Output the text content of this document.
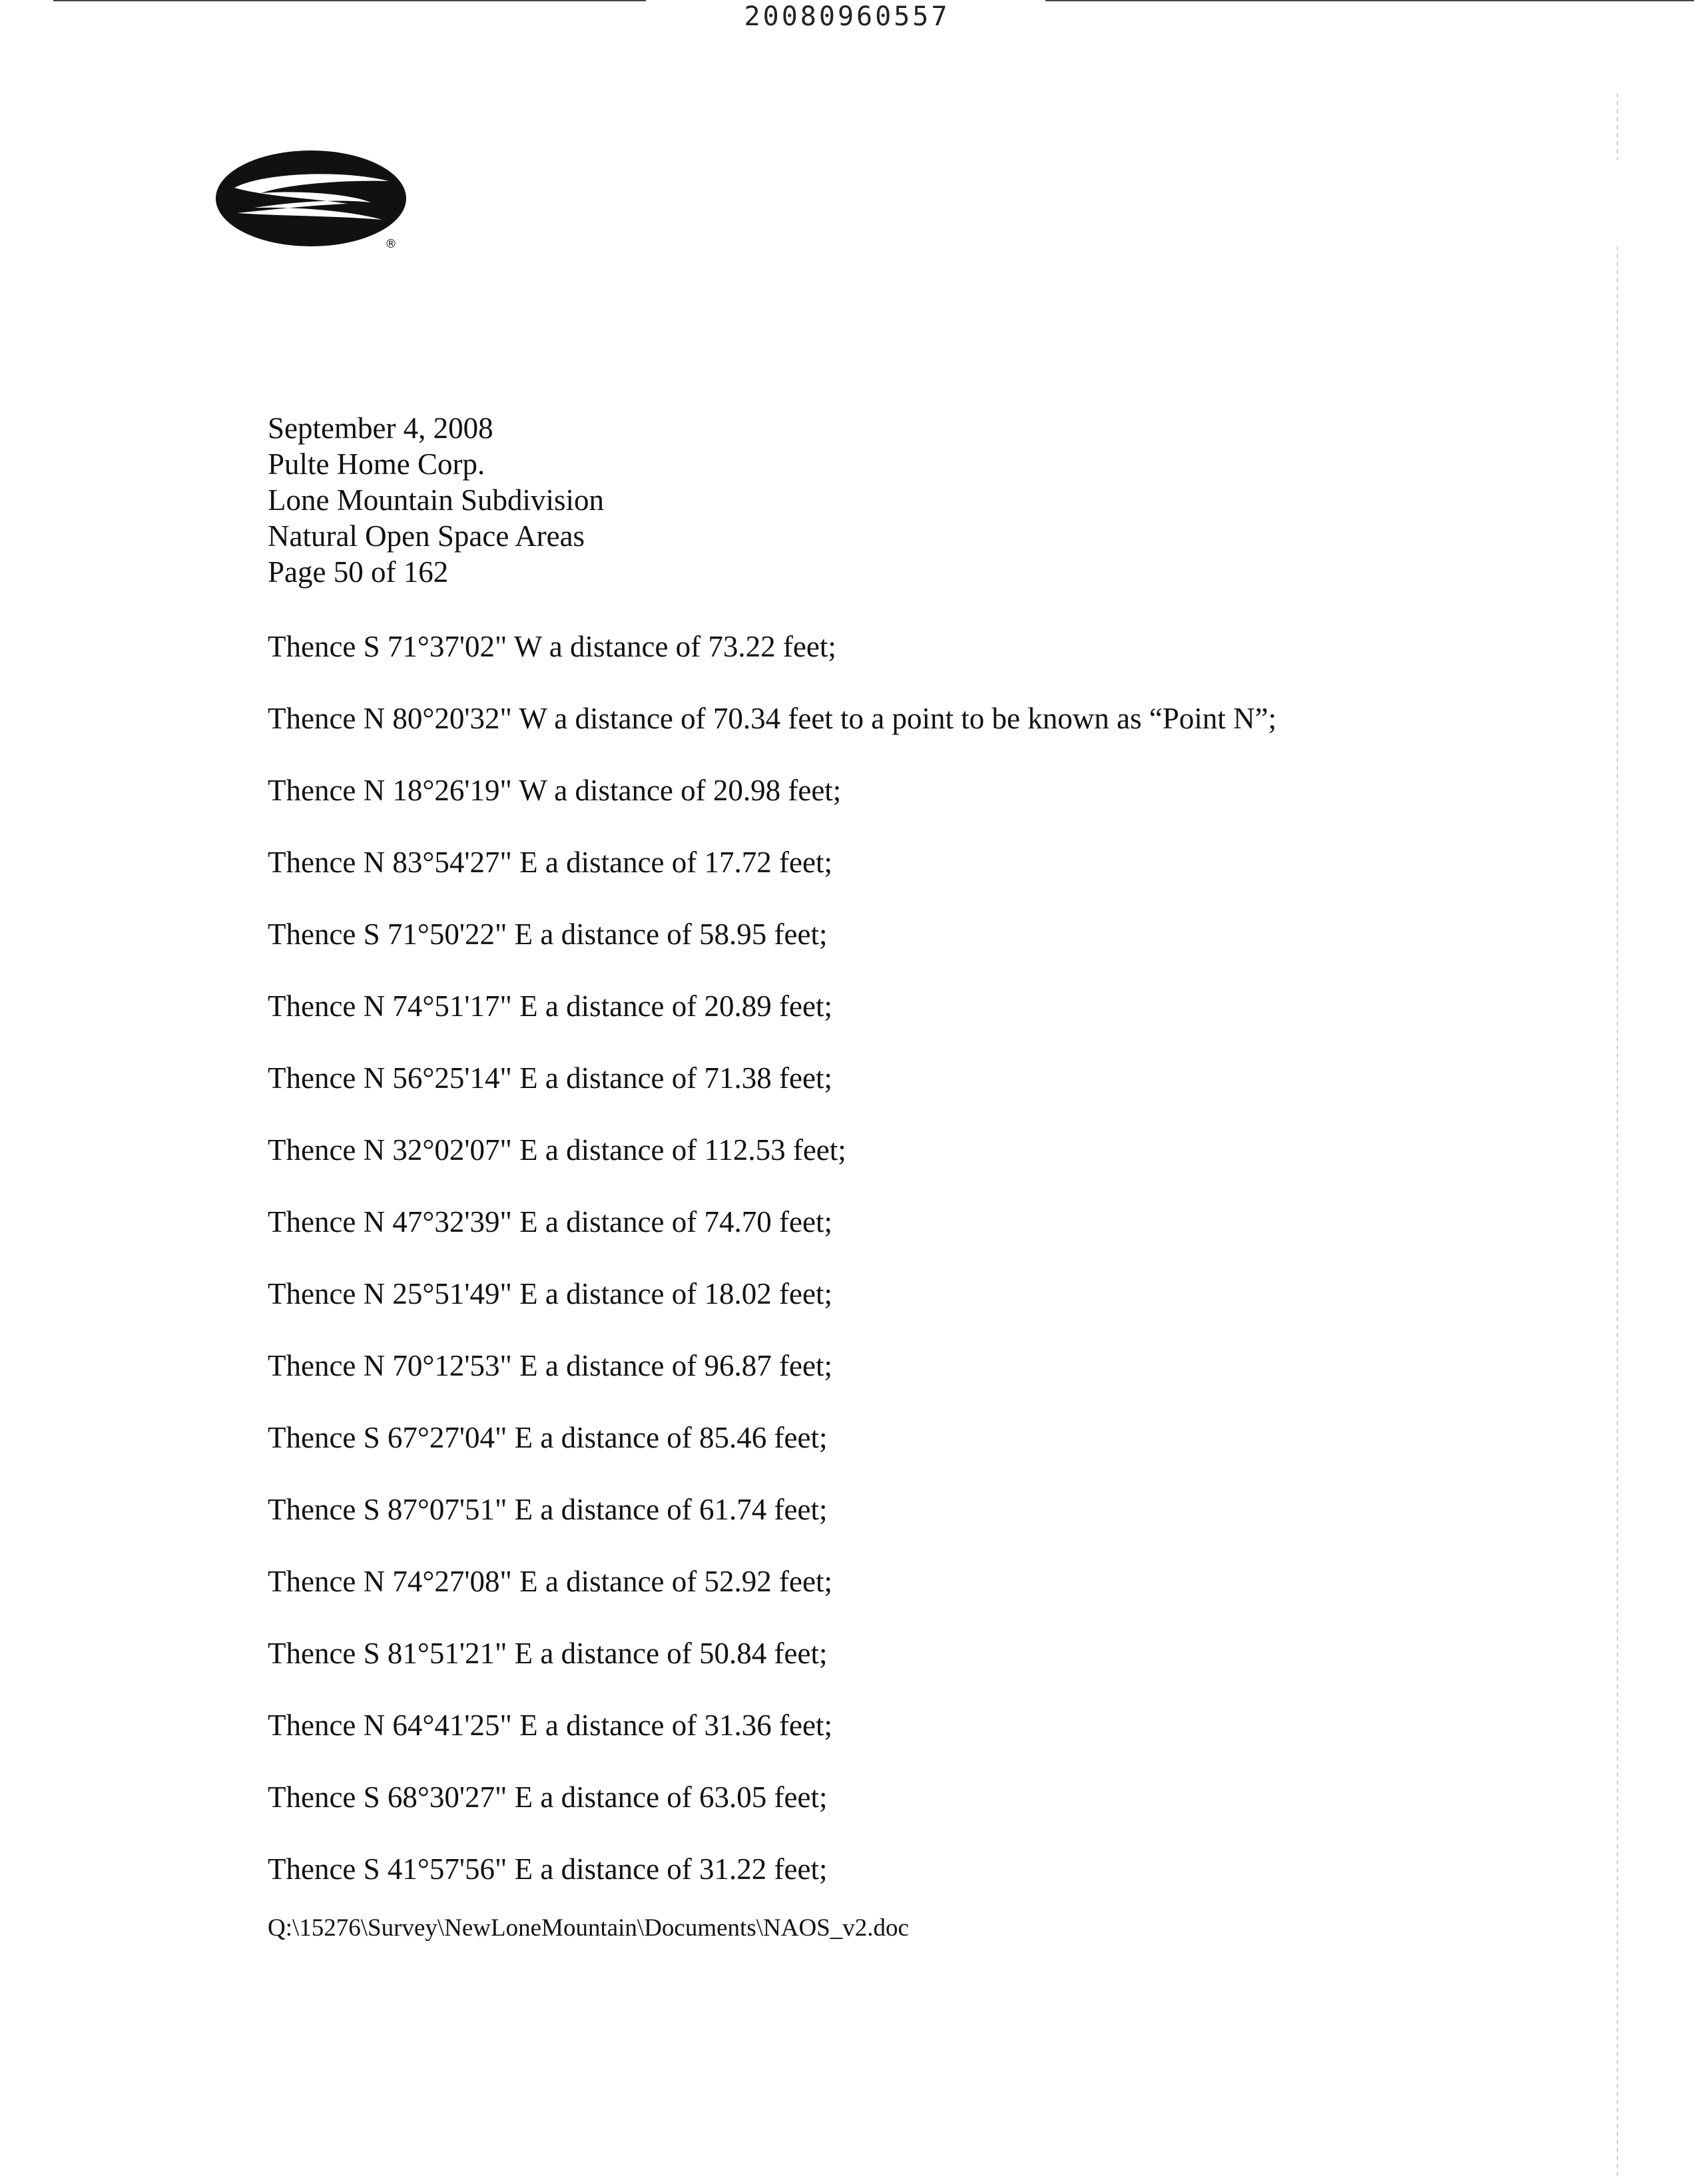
20080960557
®
September 4, 2008
Pulte Home Corp.
Lone Mountain Subdivision
Natural Open Space Areas
Page 50 of 162
Thence S 71°37'02" W a distance of 73.22 feet;
Thence N 80°20'32" W a distance of 70.34 feet to a point to be known as “Point N”;
Thence N 18°26'19" W a distance of 20.98 feet;
Thence N 83°54'27" E a distance of 17.72 feet;
Thence S 71°50'22" E a distance of 58.95 feet;
Thence N 74°51'17" E a distance of 20.89 feet;
Thence N 56°25'14" E a distance of 71.38 feet;
Thence N 32°02'07" E a distance of 112.53 feet;
Thence N 47°32'39" E a distance of 74.70 feet;
Thence N 25°51'49" E a distance of 18.02 feet;
Thence N 70°12'53" E a distance of 96.87 feet;
Thence S 67°27'04" E a distance of 85.46 feet;
Thence S 87°07'51" E a distance of 61.74 feet;
Thence N 74°27'08" E a distance of 52.92 feet;
Thence S 81°51'21" E a distance of 50.84 feet;
Thence N 64°41'25" E a distance of 31.36 feet;
Thence S 68°30'27" E a distance of 63.05 feet;
Thence S 41°57'56" E a distance of 31.22 feet;
Q:\15276\Survey\NewLoneMountain\Documents\NAOS_v2.doc
